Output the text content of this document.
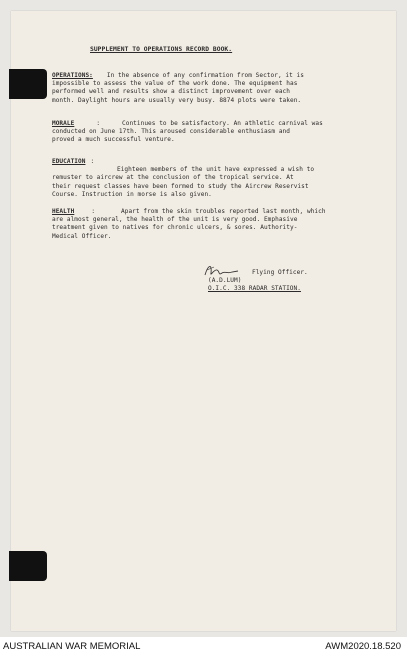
SUPPLEMENT TO OPERATIONS RECORD BOOK.
OPERATIONS: In the absence of any confirmation from Sector, it is
impossible to assess the value of the work done. The equipment has
performed well and results show a distinct improvement over each
month. Daylight hours are usually very busy. 8874 plots were taken.
MORALE	:	Continues to be satisfactory. An athletic carnival was
conducted on June 17th. This aroused considerable enthusiasm and
proved a much successful venture.
EDUCATION :
Eighteen members of the unit have expressed a wish to
remuster to aircrew at the conclusion of the tropical service. At
their request classes have been formed to study the Aircrew Reservist
Course. Instruction in morse is also given.
HEALTH	:	Apart from the skin troubles reported last month, which
are almost general, the health of the unit is very good. Emphasive
treatment given to natives for chronic ulcers, & sores. Authority-
Medical Officer.
Flying Officer.
(A.D.LUM)
O.I.C. 338 RADAR STATION.
AUSTRALIAN WAR MEMORIAL	AWM2020.18.520
